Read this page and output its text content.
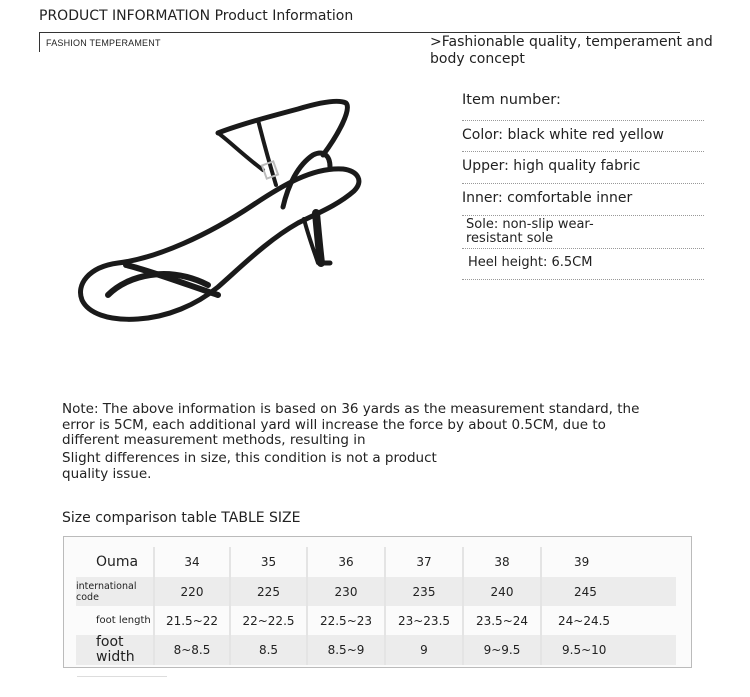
PRODUCT INFORMATION Product Information
FASHION TEMPERAMENT	>Fashionable quality, temperament and body concept
Item number:
Color: black white red yellow
Upper: high quality fabric
Inner: comfortable inner
Sole: non-slip wear-resistant sole
Heel height: 6.5CM
Note: The above information is based on 36 yards as the measurement standard, the error is 5CM, each additional yard will increase the force by about 0.5CM, due to different measurement methods, resulting in
Slight differences in size, this condition is not a product quality issue.
Size comparison table TABLE SIZE
Ouma	34	35	36	37	38	39
international code	220	225	230	235	240	245
foot length	21.5~22	22~22.5	22.5~23	23~23.5	23.5~24	24~24.5
foot width	8~8.5	8.5	8.5~9	9	9~9.5	9.5~10
